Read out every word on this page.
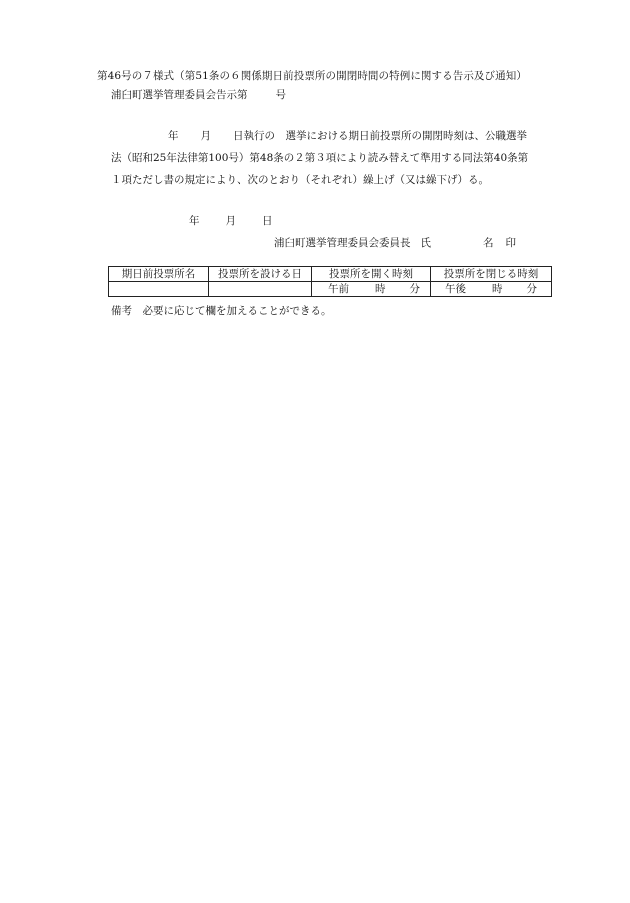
第46号の７様式（第51条の６関係期日前投票所の開閉時間の特例に関する告示及び通知）
浦臼町選挙管理委員会告示第	号
年 月 日執行の　選挙における期日前投票所の開閉時刻は、公職選挙
法（昭和25年法律第100号）第48条の２第３項により読み替えて準用する同法第40条第
１項ただし書の規定により、次のとおり（それぞれ）繰上げ（又は繰下げ）る。
年 月 日
浦臼町選挙管理委員会委員長 氏	名 印
期日前投票所名	投票所を設ける日	投票所を開く時刻	投票所を閉じる時刻
		午前 時 分	午後 時 分
備考　必要に応じて欄を加えることができる。
